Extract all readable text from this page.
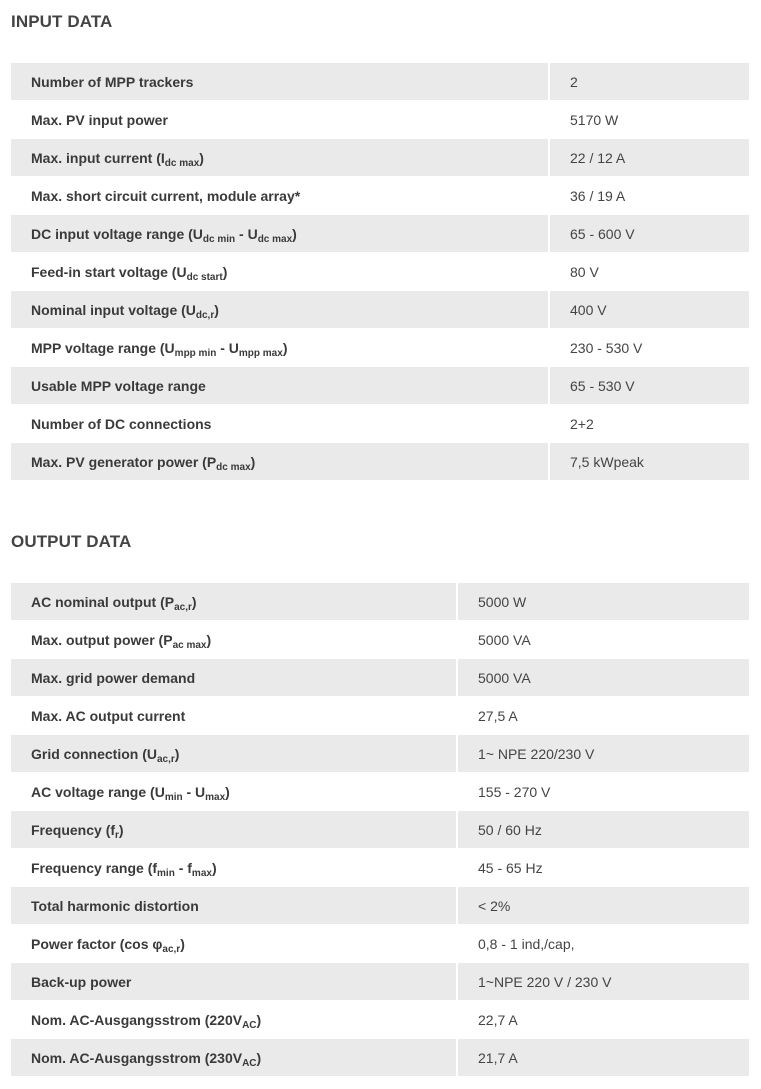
INPUT DATA
Number of MPP trackers	2
Max. PV input power	5170 W
Max. input current $(I_{dc max})$	22 / 12 A
Max. short circuit current, module array*	36 / 19 A
DC input voltage range $(U_{dc min} - U_{dc max})$	65 - 600 V
Feed-in start voltage $(U_{dc start})$	80 V
Nominal input voltage $(U_{dc,r})$	400 V
MPP voltage range $(U_{mpp min} - U_{mpp max})$	230 - 530 V
Usable MPP voltage range	65 - 530 V
Number of DC connections	2+2
Max. PV generator power $(P_{dc max})$	7,5 kWpeak
OUTPUT DATA
AC nominal output $(P_{ac,r})$	5000 W
Max. output power $(P_{ac max})$	5000 VA
Max. grid power demand	5000 VA
Max. AC output current	27,5 A
Grid connection $(U_{ac,r})$	1~ NPE 220/230 V
AC voltage range $(U_{min} - U_{max})$	155 - 270 V
Frequency $(f_r)$	50 / 60 Hz
Frequency range $(f_{min} - f_{max})$	45 - 65 Hz
Total harmonic distortion	< 2%
Power factor (cos $\varphi_{ac,r}$)	0,8 - 1 ind,/cap,
Back-up power	1~NPE 220 V / 230 V
Nom. AC-Ausgangsstrom $(220V_{AC})$	22,7 A
Nom. AC-Ausgangsstrom $(230V_{AC})$	21,7 A
